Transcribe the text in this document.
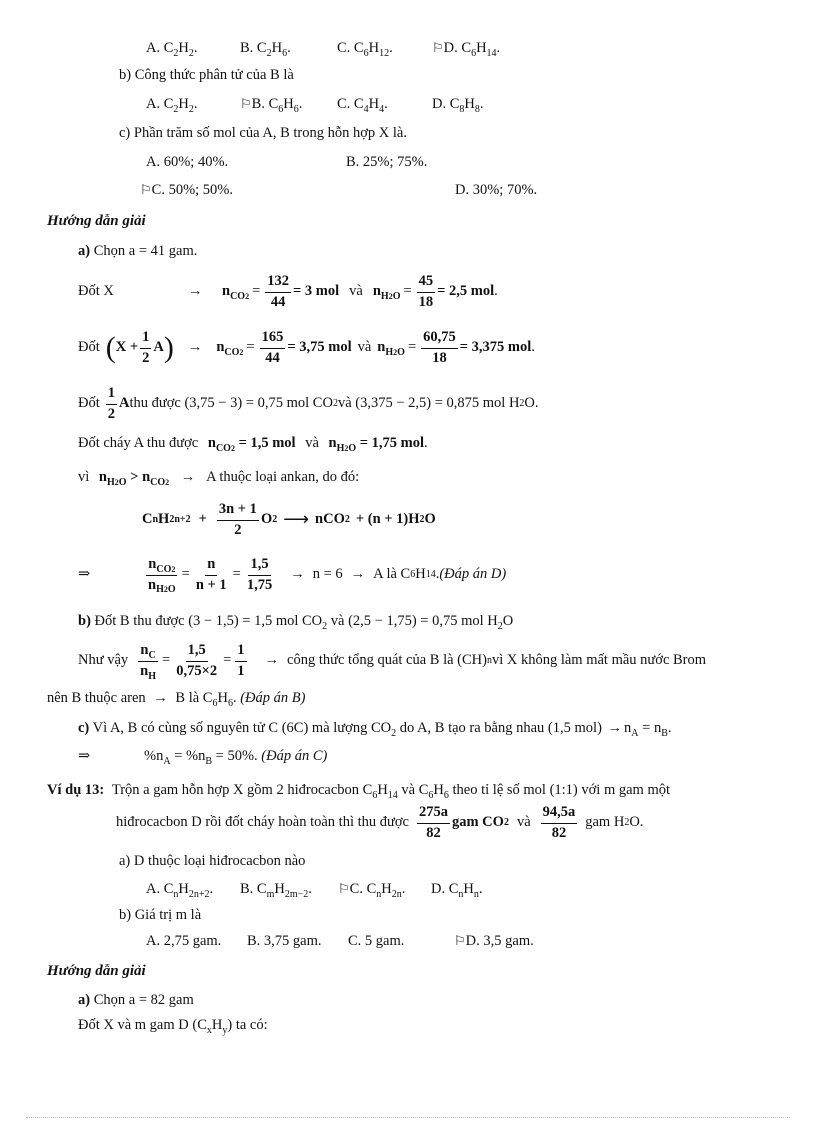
A. $C_2H_2$.	B. $C_2H_6$.	C. $C_6H_{12}$.	⚐D. $C_6H_{14}$.
b) Công thức phân tử của B là
A. $C_2H_2$.	⚐B. $C_6H_6$. C. $C_4H_4$.	D. $C_8H_8$.
c) Phần trăm số mol của A, B trong hỗn hợp X là.
A. 60%; 40%.	B. 25%; 75%.
⚐C. 50%; 50%.	D. 30%; 70%.
Hướng dẫn giải
a) Chọn a = 41 gam.
Đốt X	→	$n_{CO2} = \frac{132}{44} = 3$ mol và $n_{H2O} = \frac{45}{18} = 2,5$ mol .
Đốt ( $X + \frac{1}{2}$ A ) → $n_{CO2} = \frac{165}{44} = 3,75$ mol và $n_{H2O} = \frac{60,75}{18} = 3,375$ mol .
Đốt $\frac{1}{2}$ A thu được (3,75 − 3) = 0,75 mol CO 2 và (3,375 − 2,5) = 0,875 mol H 2 O.
Đốt cháy A thu được $n_{CO2} = 1,5$ mol và $n_{H2O} = 1,75$ mol.
vì $n_{H2O} > n_{CO2} \to A$ thuộc loại ankan, do đó:
C n H $2n+2 + \frac{3n + 1}{2}$ O 2 ⟶ nCO 2 + (n + 1)H 2 O
⇒	$\frac{n_{CO2}}{n_{H2O}} = \frac{n}{n + 1} = \frac{1,5}{1,75} \to n = 6 \to A$ là C 6 H 14 . (Đáp án D)
b) Đốt B thu được (3 − 1,5) = 1,5 mol $CO_2$ và (2,5 − 1,75) = 0,75 mol $H_2O$
Như vậy $\frac{n_C}{n_H} = \frac{1,5}{0,75\times 2} = \frac{1}{1}$ → công thức tổng quát của B là (CH) n vì X không làm mất mầu nước Brom
nên B thuộc aren → B là $C_6H_6$. (Đáp án B)
c) Vì A, B có cùng số nguyên tử C (6C) mà lượng $CO_2$ do A, B tạo ra bằng nhau (1,5 $mol) \to n_A = n_B$.
⇒	$\%n_A = \%n_B = 50\%$. (Đáp án C)
Ví dụ 13: Trộn a gam hỗn hợp X gồm 2 hiđrocacbon $C_6H_{14}$ và $C_6H_6$ theo tỉ lệ số mol (1:1) với m gam một
hiđrocacbon D rồi đốt cháy hoàn toàn thì thu được $\frac{275a}{82}$ gam CO 2 và $\frac{94,5a}{82}$ gam H 2 O.
a) D thuộc loại hiđrocacbon nào
A. $C_nH_{2n+2}$. B. $C_mH_{2m-2}$. ⚐C. $C_nH_{2n}$. D. $C_nH_n$.
b) Giá trị m là
A. 2,75 gam. B. 3,75 gam. C. 5 gam.	⚐D. 3,5 gam.
Hướng dẫn giải
a) Chọn a = 82 gam
Đốt X và m gam D $(C_xH_y)$ ta có:
